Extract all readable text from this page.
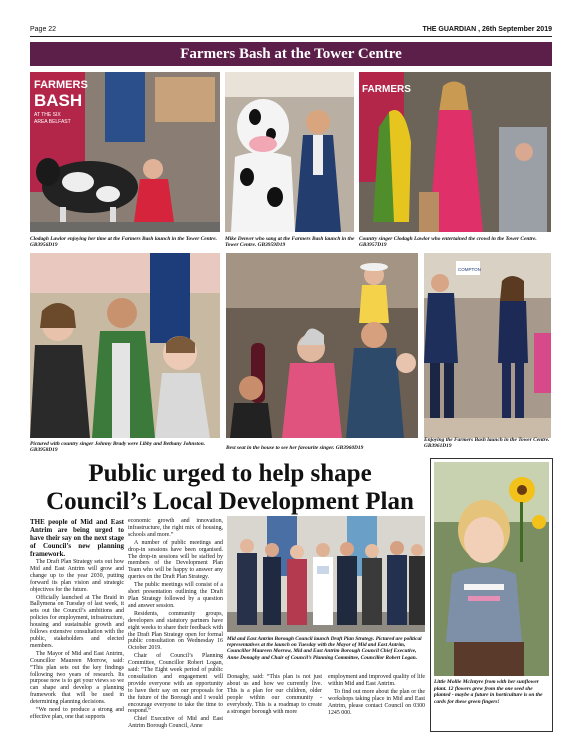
Page 22	THE GUARDIAN , 26th September 2019
Farmers Bash at the Tower Centre
FARMERS
BASH
AT THE SIX
AREA BELFAST
FARMERS
Clodagh Lawlor enjoying her time at the Farmers Bash launch in the Tower Centre. GB3956D19
Mike Denver who sang at the Farmers Bash launch in the Tower Centre. GB3959D19
Country singer Clodagh Lawlor who entertained the crowd in the Tower Centre. GB3957D19
COMPTON
Pictured with country singer Johnny Brady were Libby and Bethany Johnston. GB3958D19	Best seat in the house to see her favourite singer. GB3960D19
Enjoying the Farmers Bash launch in the Tower Centre. GB3961D19
Public urged to help shape
Council’s Local Development Plan

THE people of Mid and East Antrim are being urged to have their say on the next stage of Council’s new planning framework.

The Draft Plan Strategy sets out how Mid and East Antrim will grow and change up to the year 2030, putting forward its plan vision and strategic objectives for the future.

Officially launched at The Braid in Ballymena on Tuesday of last week, it sets out the Council’s ambitions and policies for employment, infrastructure, housing and sustainable growth and follows extensive consultation with the public, stakeholders and elected members.

The Mayor of Mid and East Antrim, Councillor Maureen Morrow, said: “This plan sets out the key findings following two years of research. Its purpose now is to get your views so we can shape and develop a planning framework that will be used in determining planning decisions.

“We need to produce a strong and effective plan, one that supports

economic growth and innovation, infrastructure, the right mix of housing, schools and more.”

A number of public meetings and drop-in sessions have been organised. The drop-in sessions will be staffed by members of the Development Plan Team who will be happy to answer any queries on the Draft Plan Strategy.

The public meetings will consist of a short presentation outlining the Draft Plan Strategy followed by a question and answer session.

Residents, community groups, developers and statutory partners have eight weeks to share their feedback with the Draft Plan Strategy open for formal public consultation on Wednesday 16 October 2019.

Chair of Council’s Planning Committee, Councillor Robert Logan, said: “The Eight week period of public consultation and engagement will provide everyone with an opportunity to have their say on our proposals for the future of the Borough and I would encourage everyone to take the time to respond.”

Chief Executive of Mid and East Antrim Borough Council, Anne

Mid and East Antrim Borough Council launch Draft Plan Strategy. Pictured are political representatives at the launch on Tuesday with the Mayor of Mid and East Antrim, Councillor Maureen Morrow, Mid and East Antrim Borough Council Chief Executive, Anne Donaghy and Chair of Council’s Planning Committee, Councillor Robert Logan.

Donaghy, said: “This plan is not just about us and how we currently live. This is a plan for our children, older people within our community - everybody. This is a roadmap to create a stronger borough with more

employment and improved quality of life within Mid and East Antrim.

To find out more about the plan or the workshops taking place in Mid and East Antrim, please contact Council on 0300 1245 000.

Little Mollie McIntyre from with her sunflower plant. 12 flowers grew from the one seed she planted - maybe a future in horticulture is on the cards for these green fingers!
